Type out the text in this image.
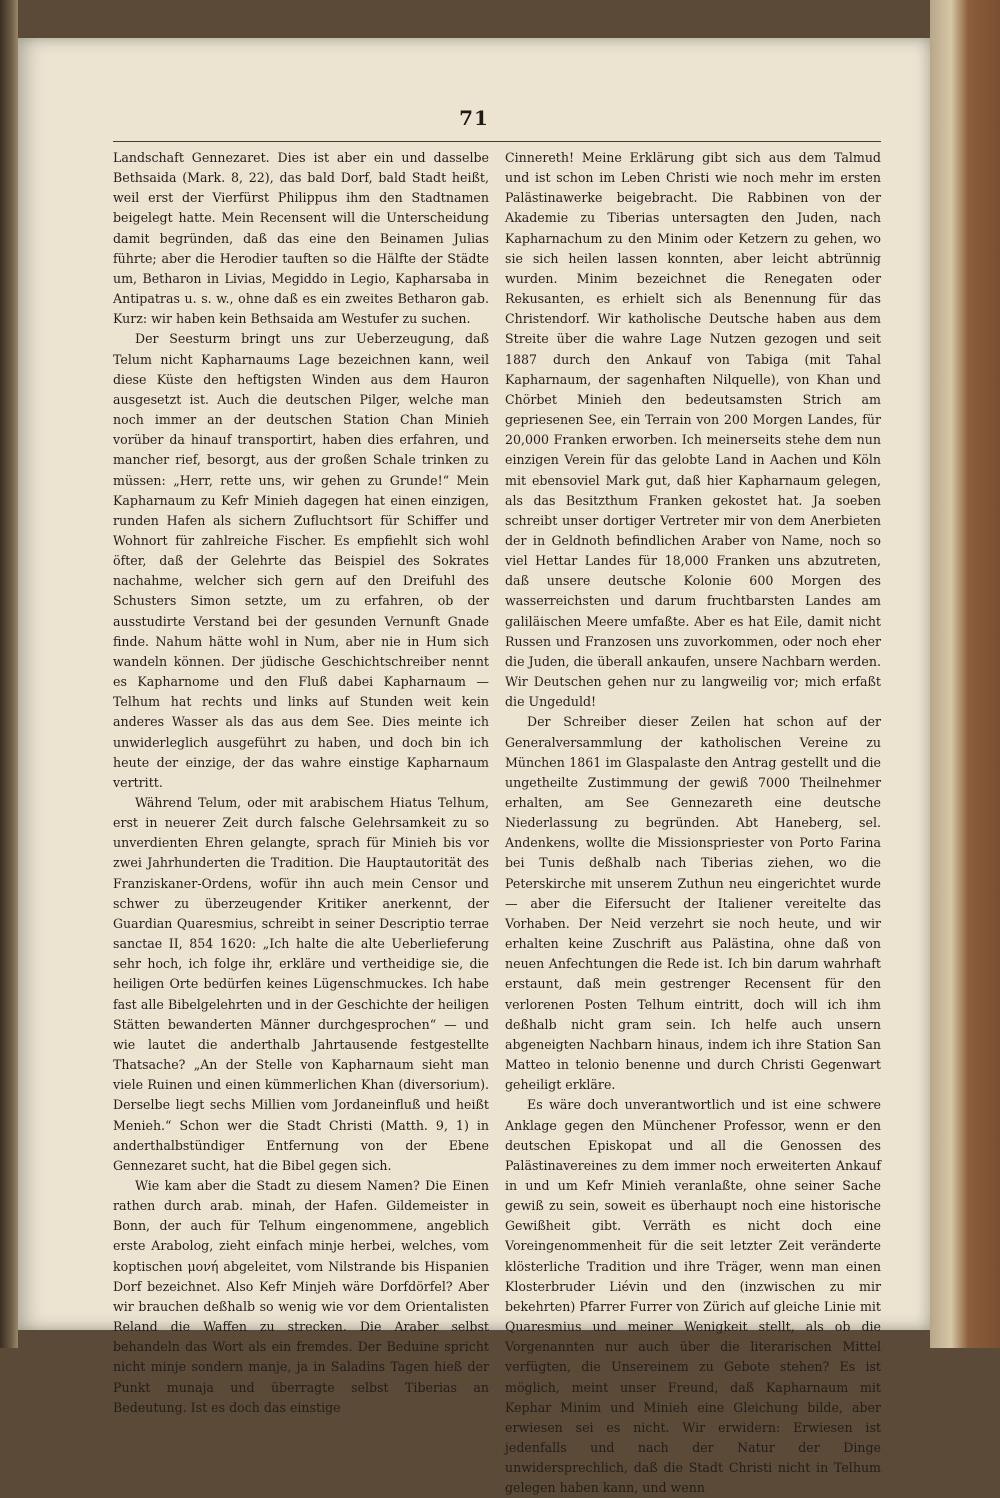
71

Landschaft Gennezaret. Dies ist aber ein und dasselbe Bethsaida (Mark. 8, 22), das bald Dorf, bald Stadt heißt, weil erst der Vierfürst Philippus ihm den Stadtnamen beigelegt hatte. Mein Recensent will die Unterscheidung damit begründen, daß das eine den Beinamen Julias führte; aber die Herodier tauften so die Hälfte der Städte um, Betharon in Livias, Megiddo in Legio, Kapharsaba in Antipatras u. s. w., ohne daß es ein zweites Betharon gab. Kurz: wir haben kein Bethsaida am Westufer zu suchen.

Der Seesturm bringt uns zur Ueberzeugung, daß Telum nicht Kapharnaums Lage bezeichnen kann, weil diese Küste den heftigsten Winden aus dem Hauron ausgesetzt ist. Auch die deutschen Pilger, welche man noch immer an der deutschen Station Chan Minieh vorüber da hinauf transportirt, haben dies erfahren, und mancher rief, besorgt, aus der großen Schale trinken zu müssen: „Herr, rette uns, wir gehen zu Grunde!“ Mein Kapharnaum zu Kefr Minieh dagegen hat einen einzigen, runden Hafen als sichern Zufluchtsort für Schiffer und Wohnort für zahlreiche Fischer. Es empfiehlt sich wohl öfter, daß der Gelehrte das Beispiel des Sokrates nachahme, welcher sich gern auf den Dreifuhl des Schusters Simon setzte, um zu erfahren, ob der ausstudirte Verstand bei der gesunden Vernunft Gnade finde. Nahum hätte wohl in Num, aber nie in Hum sich wandeln können. Der jüdische Geschichtschreiber nennt es Kapharnome und den Fluß dabei Kapharnaum — Telhum hat rechts und links auf Stunden weit kein anderes Wasser als das aus dem See. Dies meinte ich unwiderleglich ausgeführt zu haben, und doch bin ich heute der einzige, der das wahre einstige Kapharnaum vertritt.

Während Telum, oder mit arabischem Hiatus Telhum, erst in neuerer Zeit durch falsche Gelehrsamkeit zu so unverdienten Ehren gelangte, sprach für Minieh bis vor zwei Jahrhunderten die Tradition. Die Hauptautorität des Franziskaner-Ordens, wofür ihn auch mein Censor und schwer zu überzeugender Kritiker anerkennt, der Guardian Quaresmius, schreibt in seiner Descriptio terrae sanctae II, 854 1620: „Ich halte die alte Ueberlieferung sehr hoch, ich folge ihr, erkläre und vertheidige sie, die heiligen Orte bedürfen keines Lügenschmuckes. Ich habe fast alle Bibelgelehrten und in der Geschichte der heiligen Stätten bewanderten Männer durchgesprochen“ — und wie lautet die anderthalb Jahrtausende festgestellte Thatsache? „An der Stelle von Kapharnaum sieht man viele Ruinen und einen kümmerlichen Khan (diversorium). Derselbe liegt sechs Millien vom Jordaneinfluß und heißt Menieh.“ Schon wer die Stadt Christi (Matth. 9, 1) in anderthalbstündiger Entfernung von der Ebene Gennezaret sucht, hat die Bibel gegen sich.

Wie kam aber die Stadt zu diesem Namen? Die Einen rathen durch arab. minah, der Hafen. Gildemeister in Bonn, der auch für Telhum eingenommene, angeblich erste Arabolog, zieht einfach minje herbei, welches, vom koptischen μονή abgeleitet, vom Nilstrande bis Hispanien Dorf bezeichnet. Also Kefr Minjeh wäre Dorfdörfel? Aber wir brauchen deßhalb so wenig wie vor dem Orientalisten Reland die Waffen zu strecken. Die Araber selbst behandeln das Wort als ein fremdes. Der Beduine spricht nicht minje sondern manje, ja in Saladins Tagen hieß der Punkt munaja und überragte selbst Tiberias an Bedeutung. Ist es doch das einstige

Cinnereth! Meine Erklärung gibt sich aus dem Talmud und ist schon im Leben Christi wie noch mehr im ersten Palästinawerke beigebracht. Die Rabbinen von der Akademie zu Tiberias untersagten den Juden, nach Kapharnachum zu den Minim oder Ketzern zu gehen, wo sie sich heilen lassen konnten, aber leicht abtrünnig wurden. Minim bezeichnet die Renegaten oder Rekusanten, es erhielt sich als Benennung für das Christendorf. Wir katholische Deutsche haben aus dem Streite über die wahre Lage Nutzen gezogen und seit 1887 durch den Ankauf von Tabiga (mit Tahal Kapharnaum, der sagenhaften Nilquelle), von Khan und Chörbet Minieh den bedeutsamsten Strich am gepriesenen See, ein Terrain von 200 Morgen Landes, für 20,000 Franken erworben. Ich meinerseits stehe dem nun einzigen Verein für das gelobte Land in Aachen und Köln mit ebensoviel Mark gut, daß hier Kapharnaum gelegen, als das Besitzthum Franken gekostet hat. Ja soeben schreibt unser dortiger Vertreter mir von dem Anerbieten der in Geldnoth befindlichen Araber von Name, noch so viel Hettar Landes für 18,000 Franken uns abzutreten, daß unsere deutsche Kolonie 600 Morgen des wasserreichsten und darum fruchtbarsten Landes am galiläischen Meere umfaßte. Aber es hat Eile, damit nicht Russen und Franzosen uns zuvorkommen, oder noch eher die Juden, die überall ankaufen, unsere Nachbarn werden. Wir Deutschen gehen nur zu langweilig vor; mich erfaßt die Ungeduld!

Der Schreiber dieser Zeilen hat schon auf der Generalversammlung der katholischen Vereine zu München 1861 im Glaspalaste den Antrag gestellt und die ungetheilte Zustimmung der gewiß 7000 Theilnehmer erhalten, am See Gennezareth eine deutsche Niederlassung zu begründen. Abt Haneberg, sel. Andenkens, wollte die Missionspriester von Porto Farina bei Tunis deßhalb nach Tiberias ziehen, wo die Peterskirche mit unserem Zuthun neu eingerichtet wurde — aber die Eifersucht der Italiener vereitelte das Vorhaben. Der Neid verzehrt sie noch heute, und wir erhalten keine Zuschrift aus Palästina, ohne daß von neuen Anfechtungen die Rede ist. Ich bin darum wahrhaft erstaunt, daß mein gestrenger Recensent für den verlorenen Posten Telhum eintritt, doch will ich ihm deßhalb nicht gram sein. Ich helfe auch unsern abgeneigten Nachbarn hinaus, indem ich ihre Station San Matteo in telonio benenne und durch Christi Gegenwart geheiligt erkläre.

Es wäre doch unverantwortlich und ist eine schwere Anklage gegen den Münchener Professor, wenn er den deutschen Episkopat und all die Genossen des Palästinavereines zu dem immer noch erweiterten Ankauf in und um Kefr Minieh veranlaßte, ohne seiner Sache gewiß zu sein, soweit es überhaupt noch eine historische Gewißheit gibt. Verräth es nicht doch eine Voreingenommenheit für die seit letzter Zeit veränderte klösterliche Tradition und ihre Träger, wenn man einen Klosterbruder Liévin und den (inzwischen zu mir bekehrten) Pfarrer Furrer von Zürich auf gleiche Linie mit Quaresmius und meiner Wenigkeit stellt, als ob die Vorgenannten nur auch über die literarischen Mittel verfügten, die Unsereinem zu Gebote stehen? Es ist möglich, meint unser Freund, daß Kapharnaum mit Kephar Minim und Minieh eine Gleichung bilde, aber erwiesen sei es nicht. Wir erwidern: Erwiesen ist jedenfalls und nach der Natur der Dinge unwidersprechlich, daß die Stadt Christi nicht in Telhum gelegen haben kann, und wenn
